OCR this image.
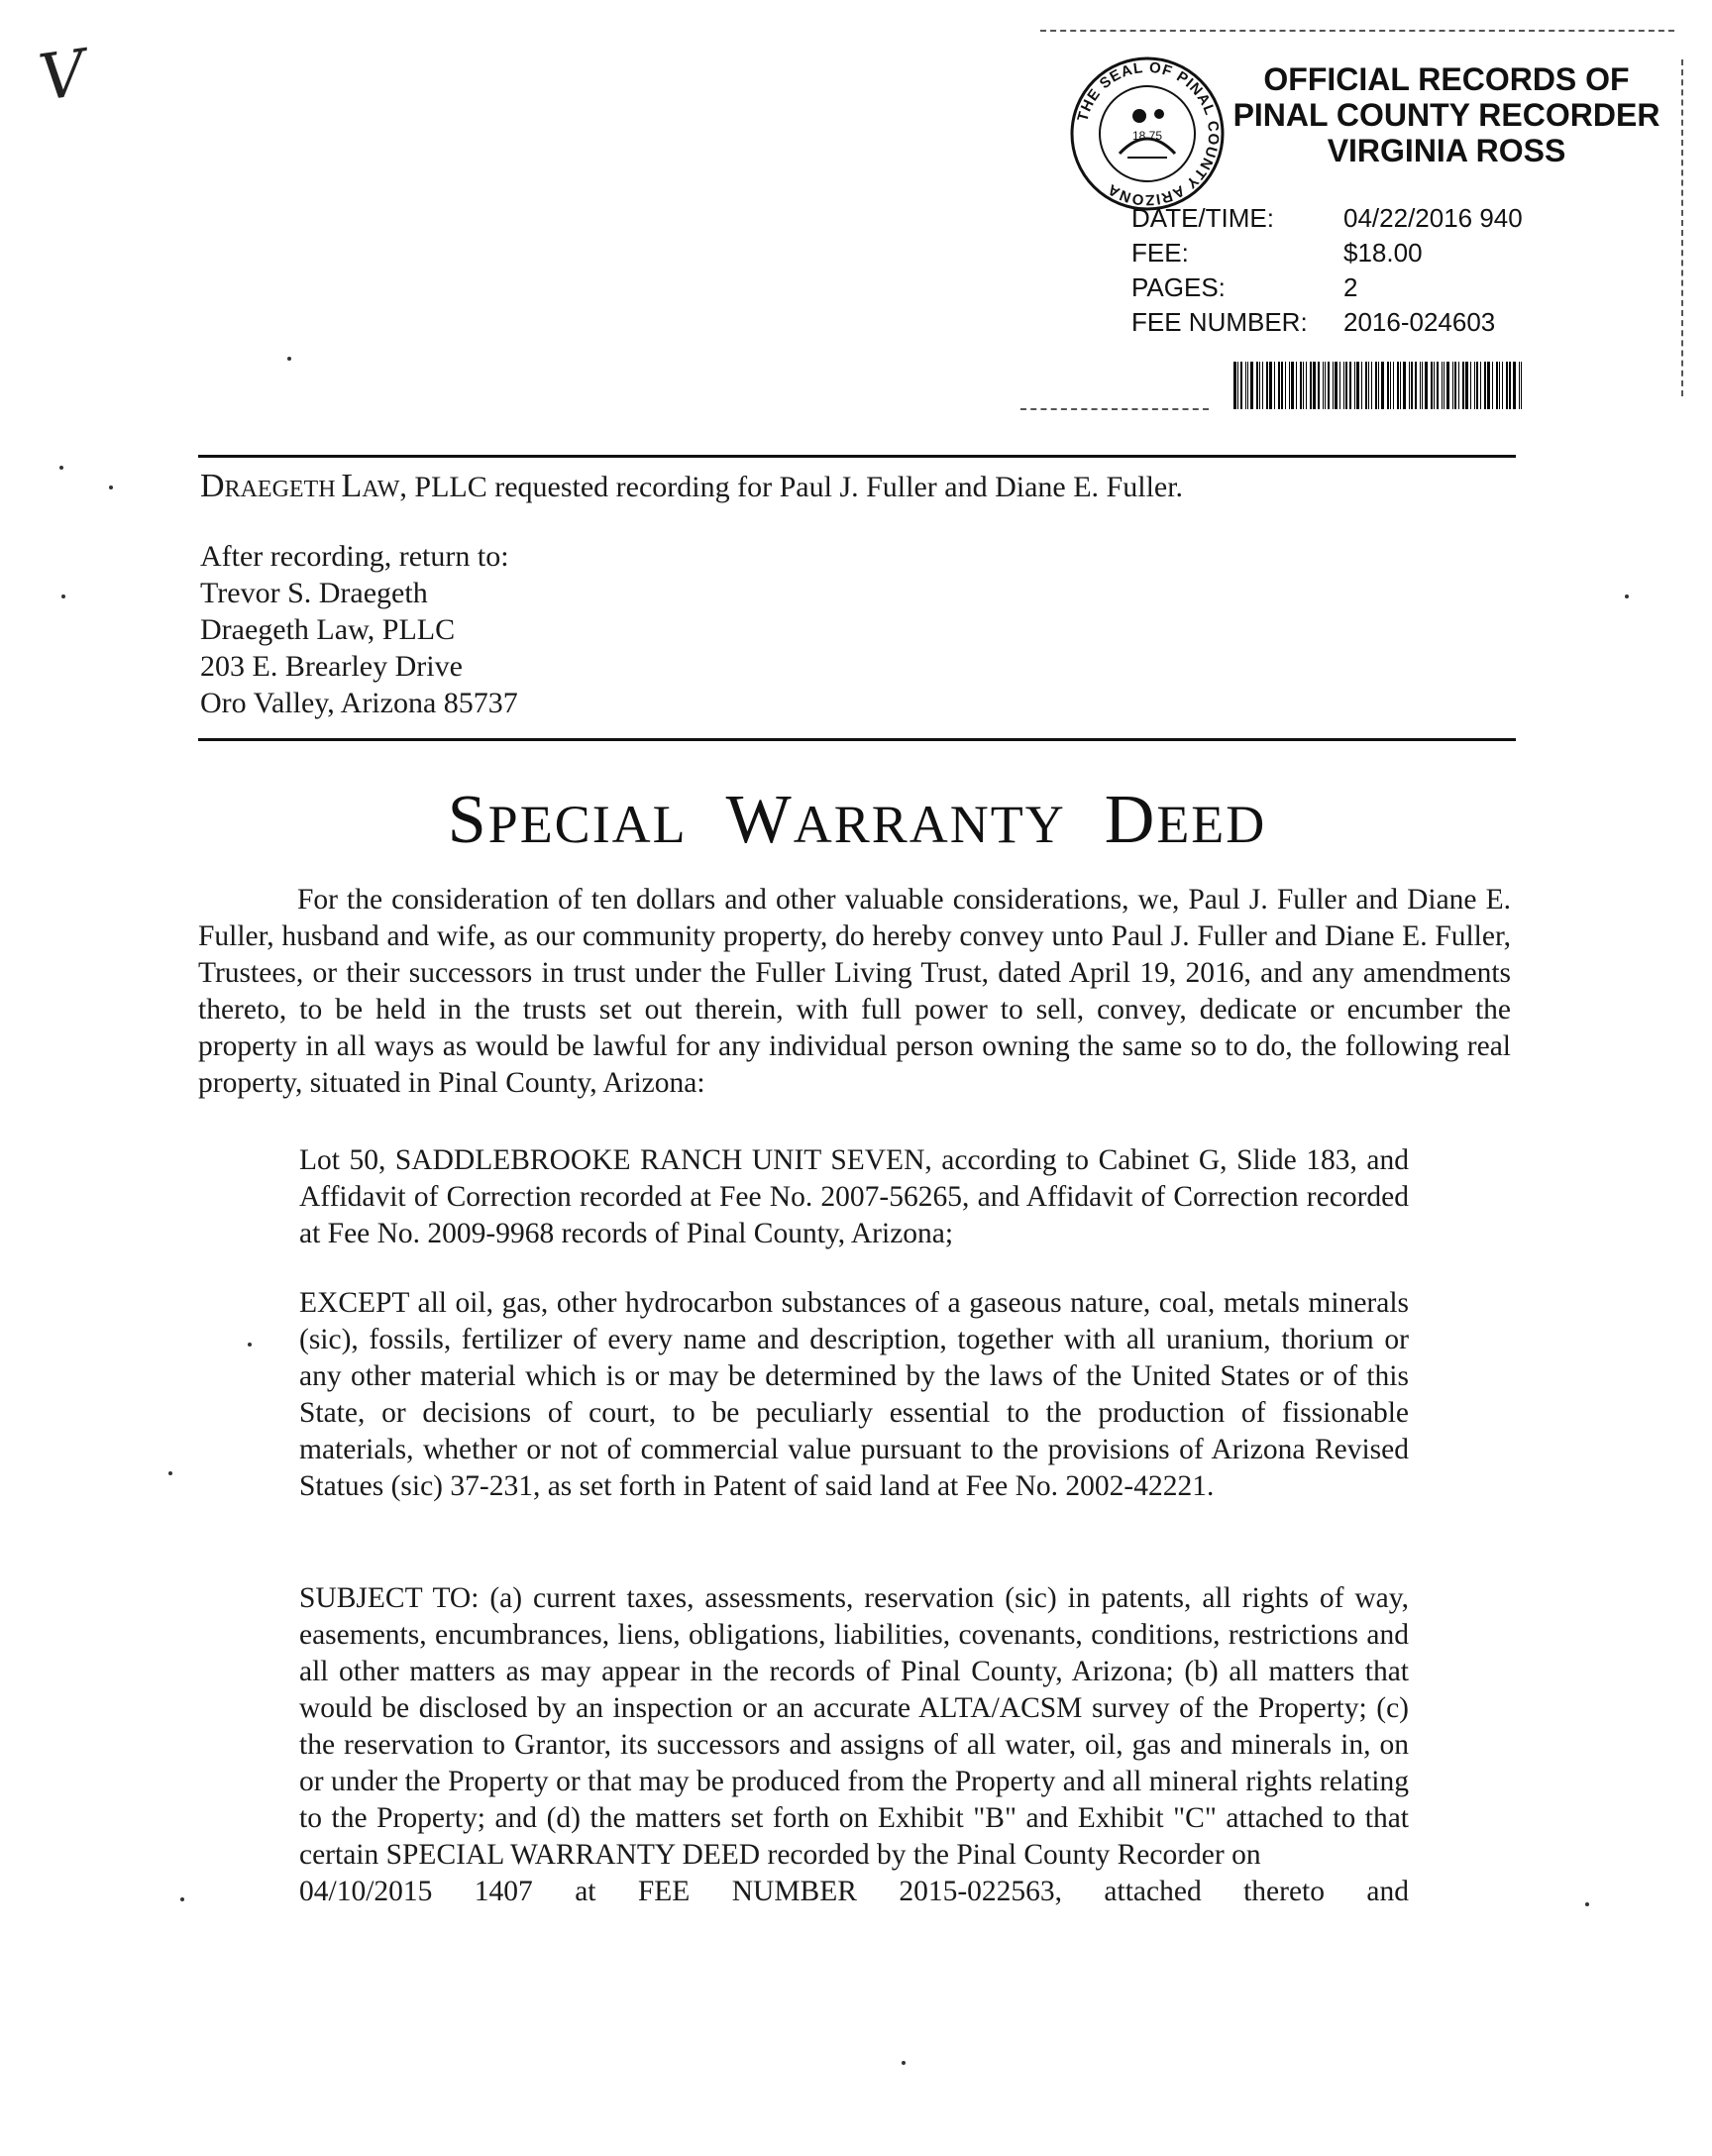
V
THE SEAL OF PINAL COUNTY ARIZONA
18 75
OFFICIAL RECORDS OF
PINAL COUNTY RECORDER
VIRGINIA ROSS
DATE/TIME:	04/22/2016 940
FEE:	$18.00
PAGES:	2
FEE NUMBER:	2016-024603
DRAEGETH LAW, PLLC requested recording for Paul J. Fuller and Diane E. Fuller.
After recording, return to:
Trevor S. Draegeth
Draegeth Law, PLLC
203 E. Brearley Drive
Oro Valley, Arizona 85737
SPECIAL WARRANTY DEED
For the consideration of ten dollars and other valuable considerations, we, Paul J. Fuller and Diane E. Fuller, husband and wife, as our community property, do hereby convey unto Paul J. Fuller and Diane E. Fuller, Trustees, or their successors in trust under the Fuller Living Trust, dated April 19, 2016, and any amendments thereto, to be held in the trusts set out therein, with full power to sell, convey, dedicate or encumber the property in all ways as would be lawful for any individual person owning the same so to do, the following real property, situated in Pinal County, Arizona:
Lot 50, SADDLEBROOKE RANCH UNIT SEVEN, according to Cabinet G, Slide 183, and Affidavit of Correction recorded at Fee No. 2007-56265, and Affidavit of Correction recorded at Fee No. 2009-9968 records of Pinal County, Arizona;
EXCEPT all oil, gas, other hydrocarbon substances of a gaseous nature, coal, metals minerals (sic), fossils, fertilizer of every name and description, together with all uranium, thorium or any other material which is or may be determined by the laws of the United States or of this State, or decisions of court, to be peculiarly essential to the production of fissionable materials, whether or not of commercial value pursuant to the provisions of Arizona Revised Statues (sic) 37-231, as set forth in Patent of said land at Fee No. 2002-42221.
SUBJECT TO: (a) current taxes, assessments, reservation (sic) in patents, all rights of way, easements, encumbrances, liens, obligations, liabilities, covenants, conditions, restrictions and all other matters as may appear in the records of Pinal County, Arizona; (b) all matters that would be disclosed by an inspection or an accurate ALTA/ACSM survey of the Property; (c) the reservation to Grantor, its successors and assigns of all water, oil, gas and minerals in, on or under the Property or that may be produced from the Property and all mineral rights relating to the Property; and (d) the matters set forth on Exhibit "B" and Exhibit "C" attached to that certain SPECIAL WARRANTY DEED recorded by the Pinal County Recorder on
04/10/2015 1407 at FEE NUMBER 2015-022563, attached thereto and
